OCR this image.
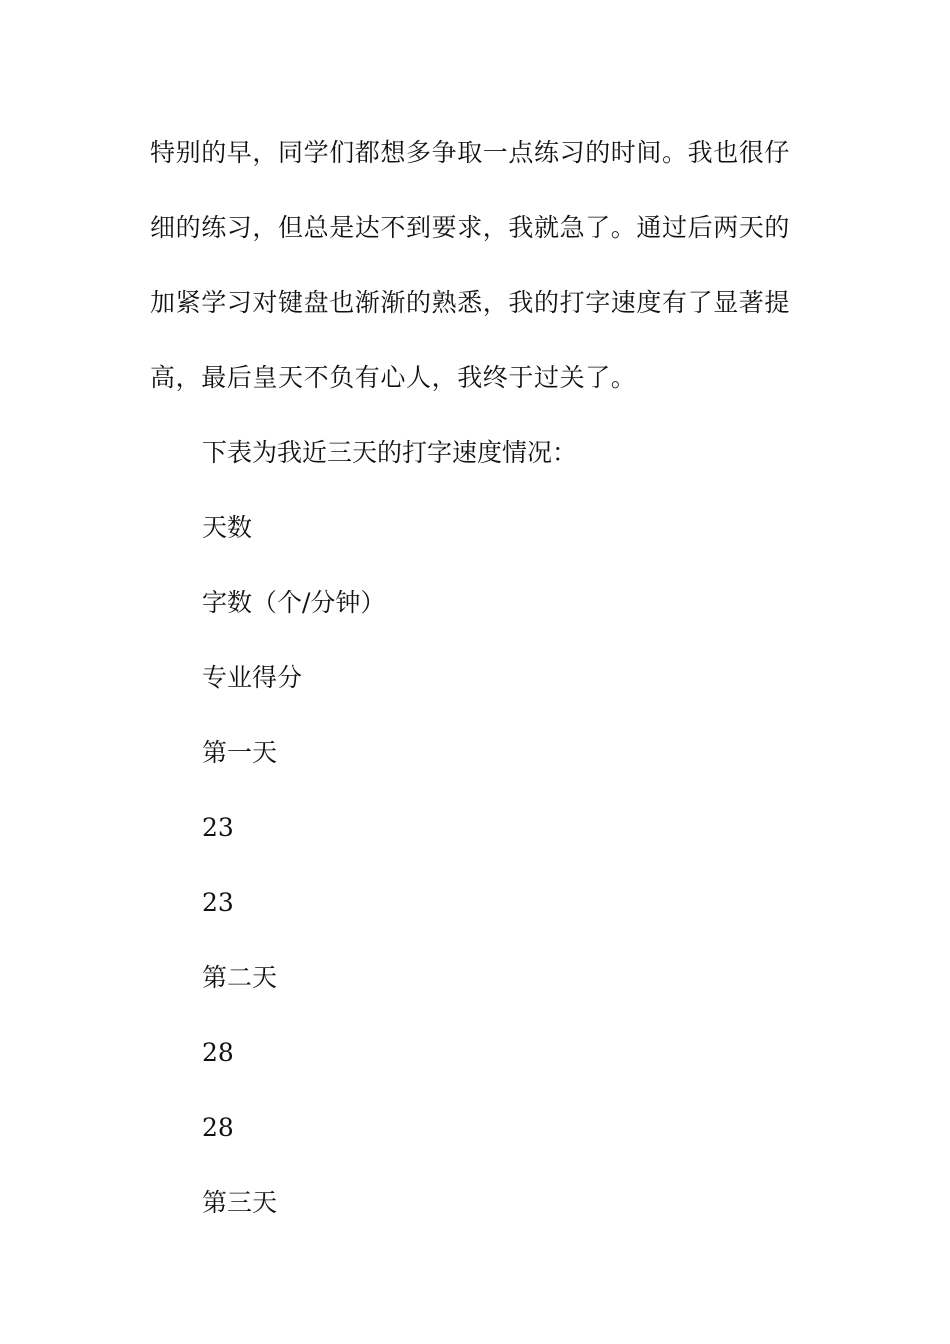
特别的早，同学们都想多争取一点练习的时间。我也很仔
细的练习，但总是达不到要求，我就急了。通过后两天的
加紧学习对键盘也渐渐的熟悉，我的打字速度有了显著提
高，最后皇天不负有心人，我终于过关了。

下表为我近三天的打字速度情况：

天数

字数（个/分钟）

专业得分

第一天

23

23

第二天

28

28

第三天
